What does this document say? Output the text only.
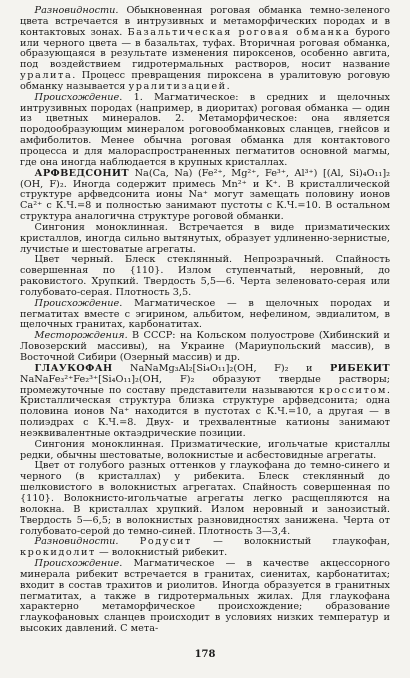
Разновидности. Обыкновенная роговая обманка темно-зеленого цвета встречается в интрузивных и метаморфических породах и в контактовых зонах. Базальтическая роговая обманка бурого или черного цвета — в базальтах, туфах. Вторичная роговая обманка, образующаяся в результате изменения пироксенов, особенно авгита, под воздействием гидротермальных растворов, носит название уралита. Процесс превращения пироксена в уралитовую роговую обманку называется уралитизацией.

Происхождение. 1. Магматическое: в средних и щелочных интрузивных породах (например, в диоритах) роговая обманка — один из цветных минералов. 2. Метаморфическое: она является породообразующим минералом роговообманковых сланцев, гнейсов и амфиболитов. Менее обычна роговая обманка для контактового процесса и для малораспространенных пегматитов основной магмы, где она иногда наблюдается в крупных кристаллах.

АРФВЕДСОНИТ Na(Ca, Na) (Fe²⁺, Mg²⁺, Fe³⁺, Al³⁺) [(Al, Si)₄O₁₁]₂ (OH, F)₂. Иногда содержит примесь Mn²⁺ и K⁺. В кристаллической структуре арфведсонита ионы Na⁺ могут замещать половину ионов Ca²⁺ с К.Ч.=8 и полностью занимают пустоты с К.Ч.=10. В остальном структура аналогична структуре роговой обманки.

Сингония моноклинная. Встречается в виде призматических кристаллов, иногда сильно вытянутых, образует удлиненно-зернистые, лучистые и шестоватые агрегаты.

Цвет черный. Блеск стеклянный. Непрозрачный. Спайность совершенная по {110}. Излом ступенчатый, неровный, до раковистого. Хрупкий. Твердость 5,5—6. Черта зеленовато-серая или голубовато-серая. Плотность 3,5.

Происхождение. Магматическое — в щелочных породах и пегматитах вместе с эгирином, альбитом, нефелином, эвдиалитом, в щелочных гранитах, карбонатитах.

Месторождения. В СССР: на Кольском полуострове (Хибинский и Ловозерский массивы), на Украине (Мариупольский массив), в Восточной Сибири (Озерный массив) и др.

ГЛАУКОФАН NaNaMg₃Al₂[Si₄O₁₁]₂(OH, F)₂ и РИБЕКИТ NaNaFe₃²⁺Fe₂³⁺[Si₄O₁₁]₂(OH, F)₂ образуют твердые растворы; промежуточные по составу представители называются кросситом. Кристаллическая структура близка структуре арфведсонита; одна половина ионов Na⁺ находится в пустотах с К.Ч.=10, а другая — в полиэдрах с К.Ч.=8. Двух- и трехвалентные катионы занимают неэквивалентные октаэдрические позиции.

Сингония моноклинная. Призматические, игольчатые кристаллы редки, обычны шестоватые, волокнистые и асбестовидные агрегаты.

Цвет от голубого разных оттенков у глаукофана до темно-синего и черного (в кристаллах) у рибекита. Блеск стеклянный до шелковистого в волокнистых агрегатах. Спайность совершенная по {110}. Волокнисто-игольчатые агрегаты легко расщепляются на волокна. В кристаллах хрупкий. Излом неровный и занозистый. Твердость 5—6,5; в волокнистых разновидностях занижена. Черта от голубовато-серой до темно-синей. Плотность 3—3,4.

Разновидности. Родусит — волокнистый глаукофан, крокидолит — волокнистый рибекит.

Происхождение. Магматическое — в качестве акцессорного минерала рибекит встречается в гранитах, сиенитах, карбонатитах; входит в состав трахитов и риолитов. Иногда образуется в гранитных пегматитах, а также в гидротермальных жилах. Для глаукофана характерно метаморфическое происхождение; образование глаукофановых сланцев происходит в условиях низких температур и высоких давлений. С мета-

178
